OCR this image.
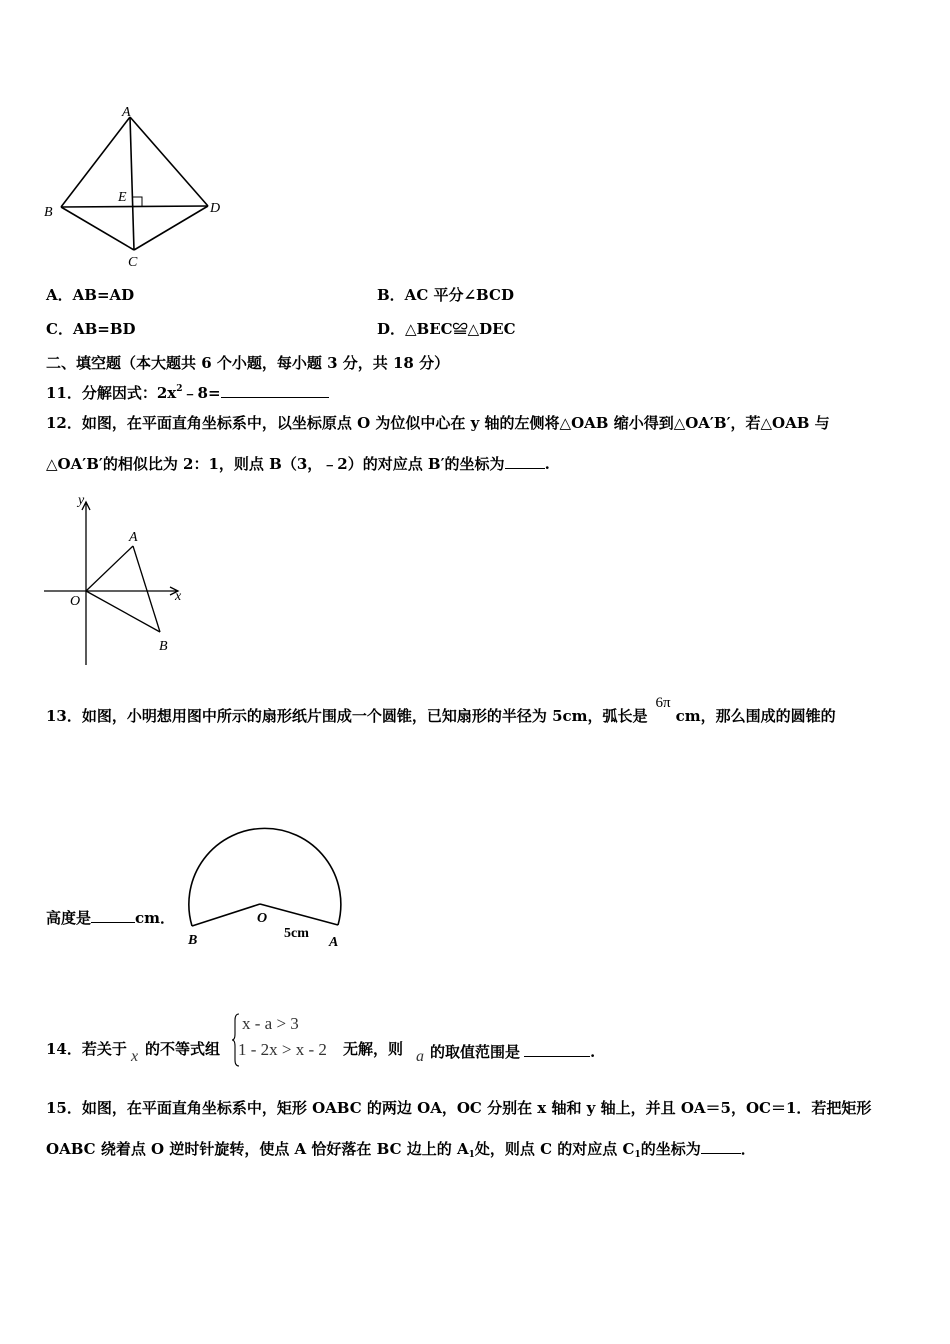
A
B
C
D
E
A．AB=AD	B．AC 平分∠BCD
C．AB=BD	D．△BEC≌△DEC
二、填空题（本大题共 6 个小题，每小题 3 分，共 18 分）
11．分解因式：$2x^2﹣8=$
12．如图，在平面直角坐标系中，以坐标原点 O 为位似中心在 y 轴的左侧将△OAB 缩小得到△OA′B′，若△OAB 与
△OA′B′的相似比为 2：1，则点 B（3，﹣2）的对应点 B′的坐标为	.
y
x
O
A
B
13．如图，小明想用图中所示的扇形纸片围成一个圆锥，已知扇形的半径为 5cm，弧长是6πcm，那么围成的圆锥的
高度是	cm．	O
B	A
5cm
14．若关于 x 的不等式组
x - a > 3
1 - 2x > x - 2 无解，则 a 的取值范围是	.
15．如图，在平面直角坐标系中，矩形 OABC 的两边 OA，OC 分别在 x 轴和 y 轴上，并且 OA＝5，OC＝1．若把矩形
OABC 绕着点 O 逆时针旋转，使点 A 恰好落在 BC 边上的 $A_1$处，则点 C 的对应点 $C_1$的坐标为	．
